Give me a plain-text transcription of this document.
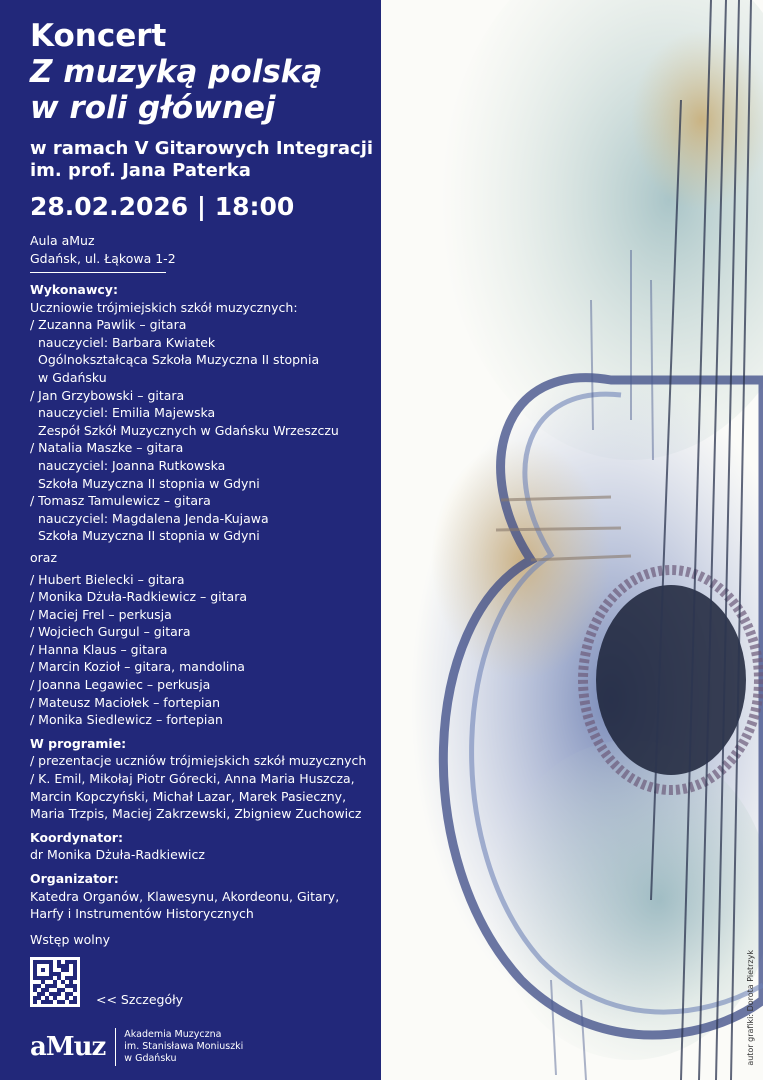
Koncert
Z muzyką polską
w roli głównej
w ramach V Gitarowych Integracji
im. prof. Jana Paterka
28.02.2026 | 18:00
Aula aMuz
Gdańsk, ul. Łąkowa 1-2
Wykonawcy:
Uczniowie trójmiejskich szkół muzycznych:
/ Zuzanna Pawlik – gitara
nauczyciel: Barbara Kwiatek
Ogólnokształcąca Szkoła Muzyczna II stopnia
w Gdańsku
/ Jan Grzybowski – gitara
nauczyciel: Emilia Majewska
Zespół Szkół Muzycznych w Gdańsku Wrzeszczu
/ Natalia Maszke – gitara
nauczyciel: Joanna Rutkowska
Szkoła Muzyczna II stopnia w Gdyni
/ Tomasz Tamulewicz – gitara
nauczyciel: Magdalena Jenda-Kujawa
Szkoła Muzyczna II stopnia w Gdyni
oraz
/ Hubert Bielecki – gitara
/ Monika Dżuła-Radkiewicz – gitara
/ Maciej Frel – perkusja
/ Wojciech Gurgul – gitara
/ Hanna Klaus – gitara
/ Marcin Kozioł – gitara, mandolina
/ Joanna Legawiec – perkusja
/ Mateusz Maciołek – fortepian
/ Monika Siedlewicz – fortepian
W programie:
/ prezentacje uczniów trójmiejskich szkół muzycznych
/ K. Emil, Mikołaj Piotr Górecki, Anna Maria Huszcza,
Marcin Kopczyński, Michał Lazar, Marek Pasieczny,
Maria Trzpis, Maciej Zakrzewski, Zbigniew Zuchowicz
Koordynator:
dr Monika Dżuła-Radkiewicz
Organizator:
Katedra Organów, Klawesynu, Akordeonu, Gitary,
Harfy i Instrumentów Historycznych
Wstęp wolny
<< Szczegóły
aMuz Akademia Muzyczna
im. Stanisława Moniuszki
w Gdańsku	autor grafiki: Dorota Pietrzyk
